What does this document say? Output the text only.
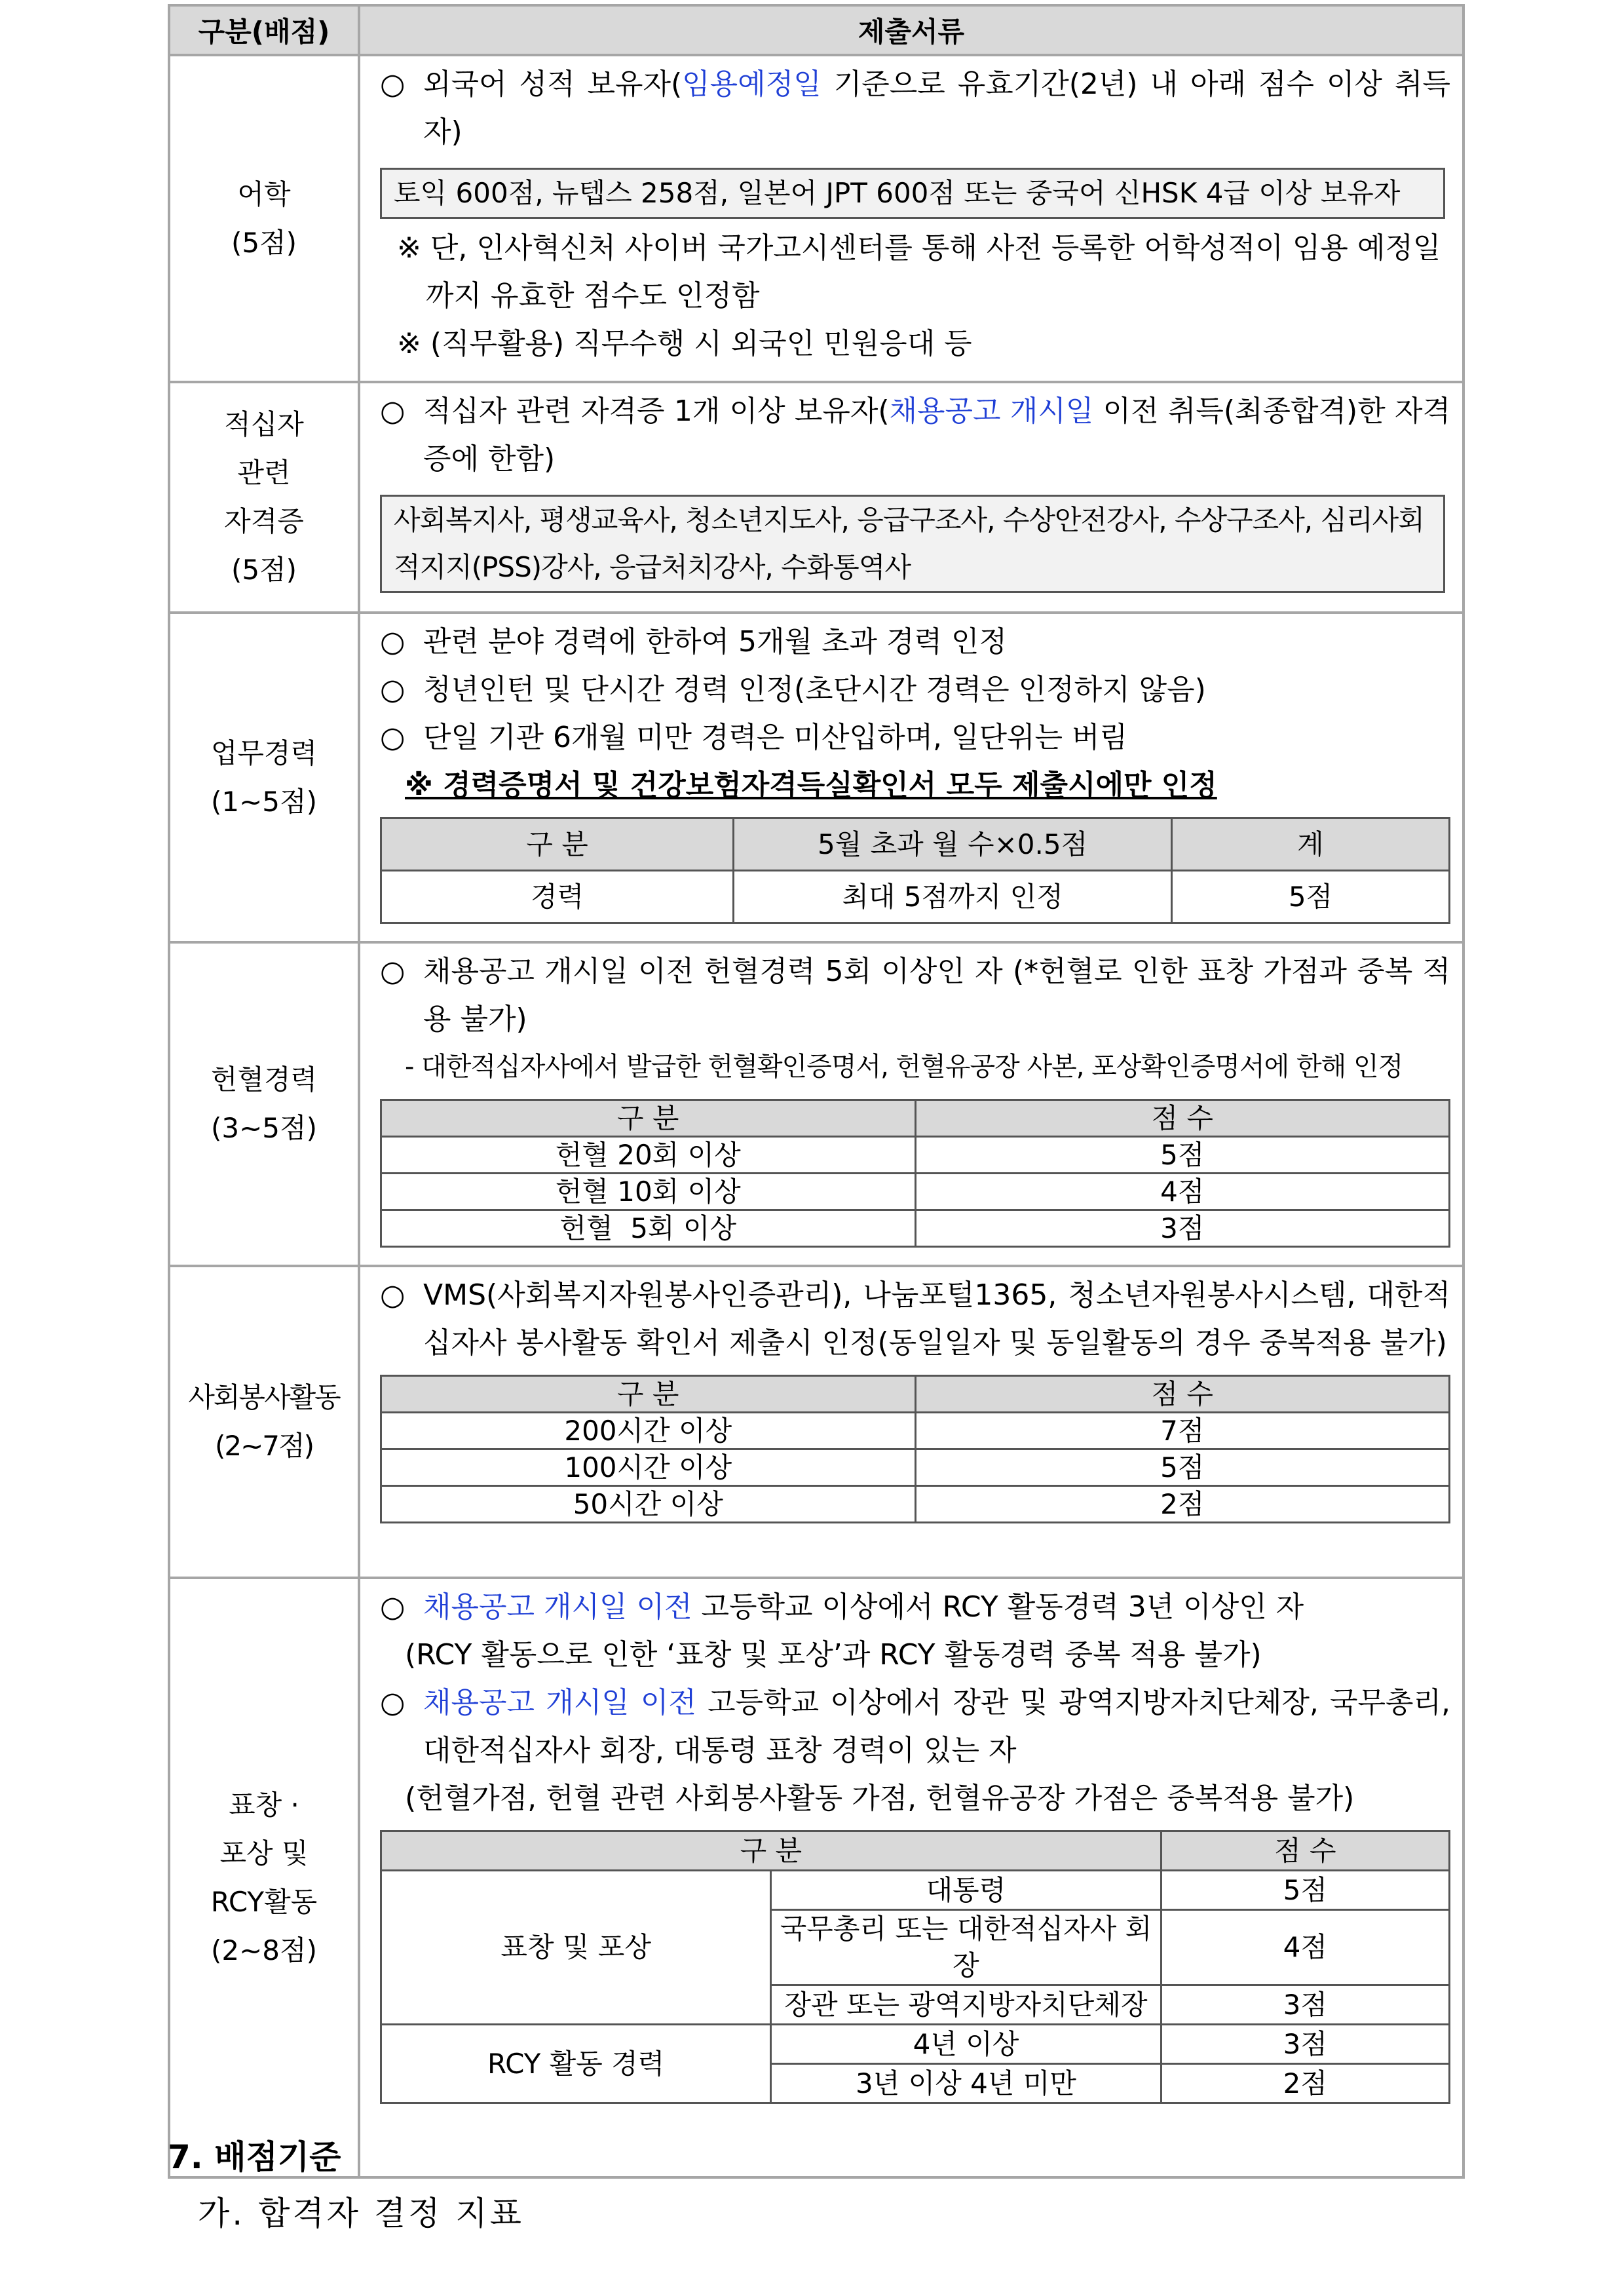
구분(배점)	제출서류

어학
(5점)

○ 외국어 성적 보유자(임용예정일 기준으로 유효기간(2년) 내 아래 점수 이상 취득자)
토익 600점, 뉴텝스 258점, 일본어 JPT 600점 또는 중국어 신HSK 4급 이상 보유자
※ 단, 인사혁신처 사이버 국가고시센터를 통해 사전 등록한 어학성적이 임용 예정일까지 유효한 점수도 인정함
※ (직무활용) 직무수행 시 외국인 민원응대 등

적십자
관련
자격증
(5점)

○ 적십자 관련 자격증 1개 이상 보유자(채용공고 개시일 이전 취득(최종합격)한 자격증에 한함)
사회복지사, 평생교육사, 청소년지도사, 응급구조사, 수상안전강사, 수상구조사, 심리사회적지지(PSS)강사, 응급처치강사, 수화통역사

업무경력
(1~5점)

○ 관련 분야 경력에 한하여 5개월 초과 경력 인정
○ 청년인턴 및 단시간 경력 인정(초단시간 경력은 인정하지 않음)
○ 단일 기관 6개월 미만 경력은 미산입하며, 일단위는 버림
※ 경력증명서 및 건강보험자격득실확인서 모두 제출시에만 인정
구 분	5월 초과 월 수×0.5점	계
경력	최대 5점까지 인정	5점

헌혈경력
(3~5점)

○ 채용공고 개시일 이전 헌혈경력 5회 이상인 자 (*헌혈로 인한 표창 가점과 중복 적용 불가)
- 대한적십자사에서 발급한 헌혈확인증명서, 헌혈유공장 사본, 포상확인증명서에 한해 인정
구 분	점 수
헌혈 20회 이상	5점
헌혈 10회 이상	4점
헌혈  5회 이상	3점

사회봉사활동
(2~7점)

○ VMS(사회복지자원봉사인증관리), 나눔포털1365, 청소년자원봉사시스템, 대한적십자사 봉사활동 확인서 제출시 인정(동일일자 및 동일활동의 경우 중복적용 불가)
구 분	점 수
200시간 이상	7점
100시간 이상	5점
50시간 이상	2점

표창 ·
포상 및
RCY활동
(2~8점)

○ 채용공고 개시일 이전 고등학교 이상에서 RCY 활동경력 3년 이상인 자
(RCY 활동으로 인한 ‘표창 및 포상’과 RCY 활동경력 중복 적용 불가)
○ 채용공고 개시일 이전 고등학교 이상에서 장관 및 광역지방자치단체장, 국무총리, 대한적십자사 회장, 대통령 표창 경력이 있는 자
(헌혈가점, 헌혈 관련 사회봉사활동 가점, 헌혈유공장 가점은 중복적용 불가)
구 분	점 수
표창 및 포상	대통령	5점
국무총리 또는 대한적십자사 회장	4점
장관 또는 광역지방자치단체장	3점
RCY 활동 경력	4년 이상	3점
3년 이상 4년 미만	2점
7. 배점기준
가. 합격자 결정 지표
